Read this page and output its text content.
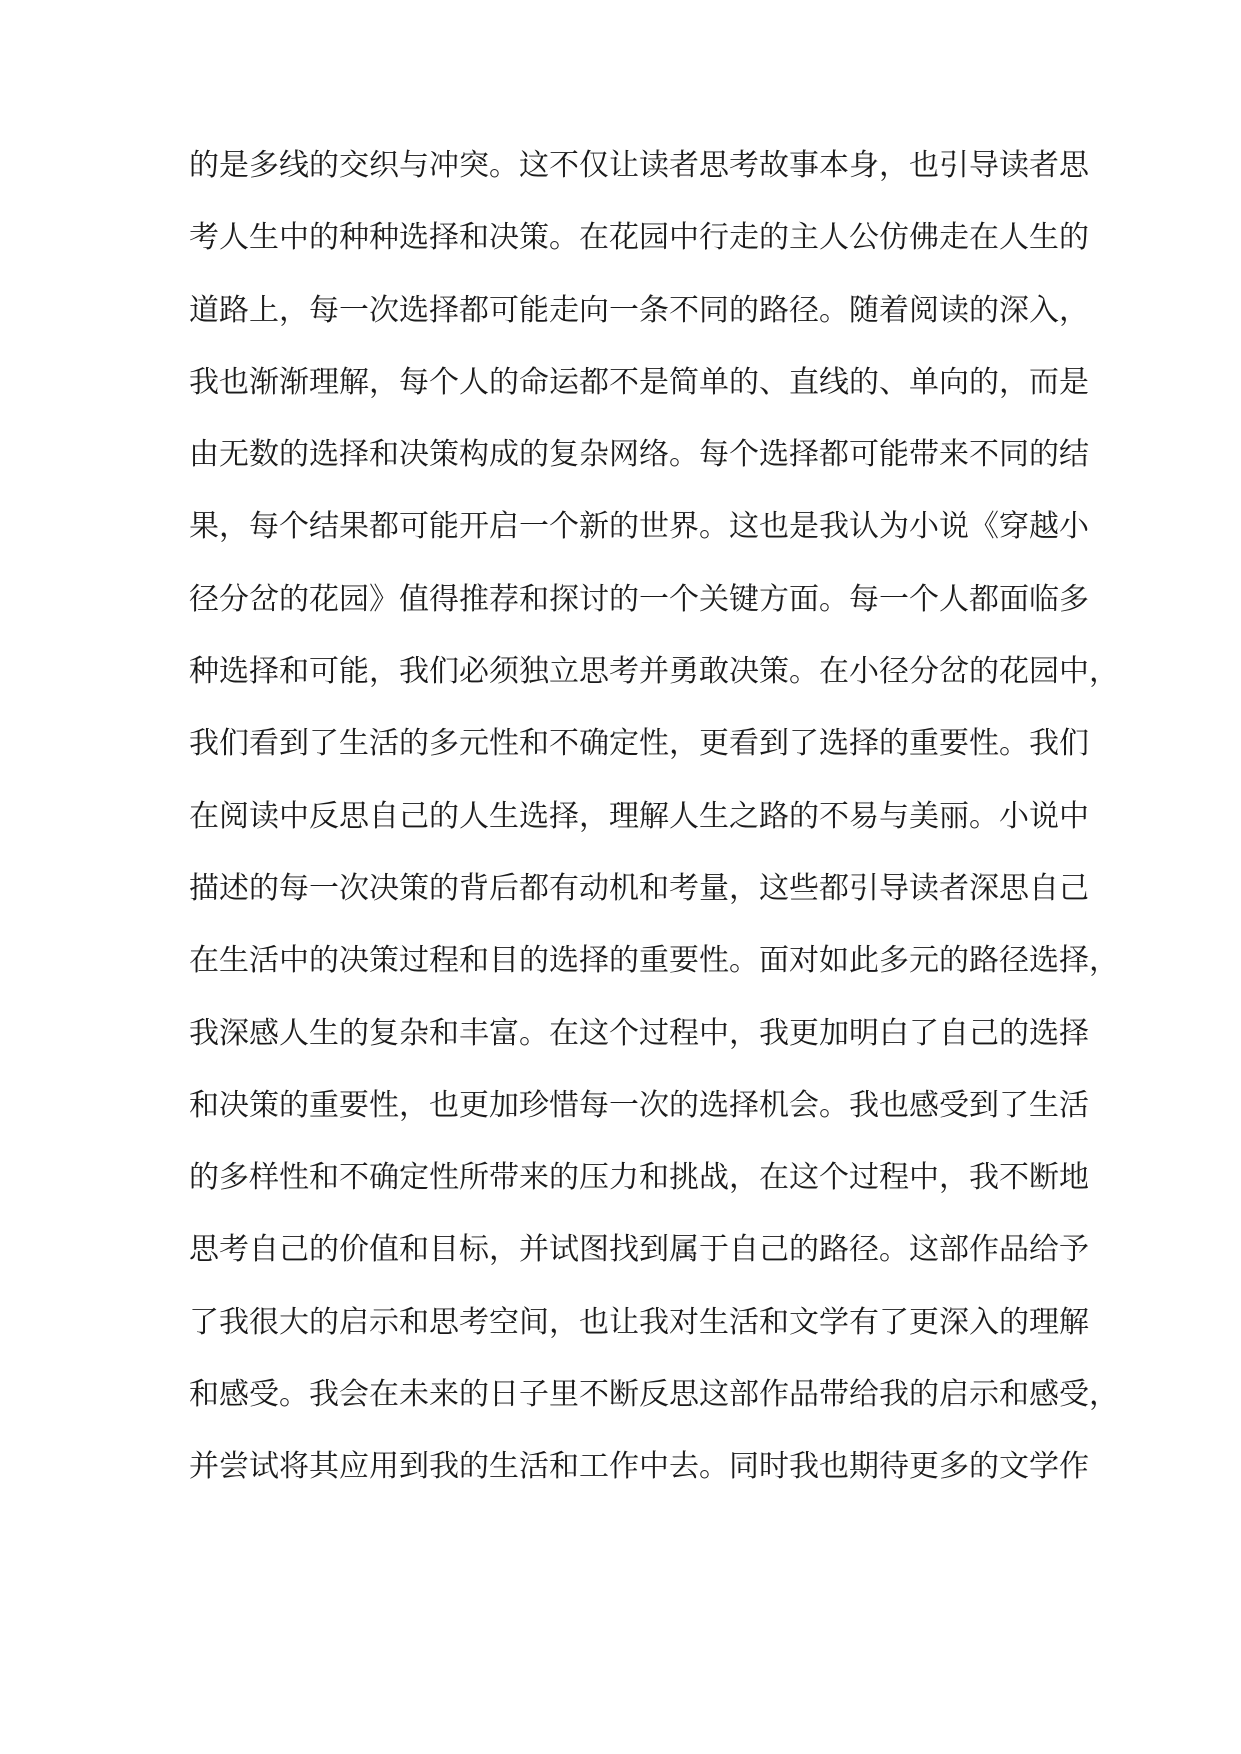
的是多线的交织与冲突。这不仅让读者思考故事本身，也引导读者思
考人生中的种种选择和决策。在花园中行走的主人公仿佛走在人生的
道路上，每一次选择都可能走向一条不同的路径。随着阅读的深入，
我也渐渐理解，每个人的命运都不是简单的、直线的、单向的，而是
由无数的选择和决策构成的复杂网络。每个选择都可能带来不同的结
果，每个结果都可能开启一个新的世界。这也是我认为小说《穿越小
径分岔的花园》值得推荐和探讨的一个关键方面。每一个人都面临多
种选择和可能，我们必须独立思考并勇敢决策。在小径分岔的花园中，
我们看到了生活的多元性和不确定性，更看到了选择的重要性。我们
在阅读中反思自己的人生选择，理解人生之路的不易与美丽。小说中
描述的每一次决策的背后都有动机和考量，这些都引导读者深思自己
在生活中的决策过程和目的选择的重要性。面对如此多元的路径选择，
我深感人生的复杂和丰富。在这个过程中，我更加明白了自己的选择
和决策的重要性，也更加珍惜每一次的选择机会。我也感受到了生活
的多样性和不确定性所带来的压力和挑战，在这个过程中，我不断地
思考自己的价值和目标，并试图找到属于自己的路径。这部作品给予
了我很大的启示和思考空间，也让我对生活和文学有了更深入的理解
和感受。我会在未来的日子里不断反思这部作品带给我的启示和感受，
并尝试将其应用到我的生活和工作中去。同时我也期待更多的文学作
